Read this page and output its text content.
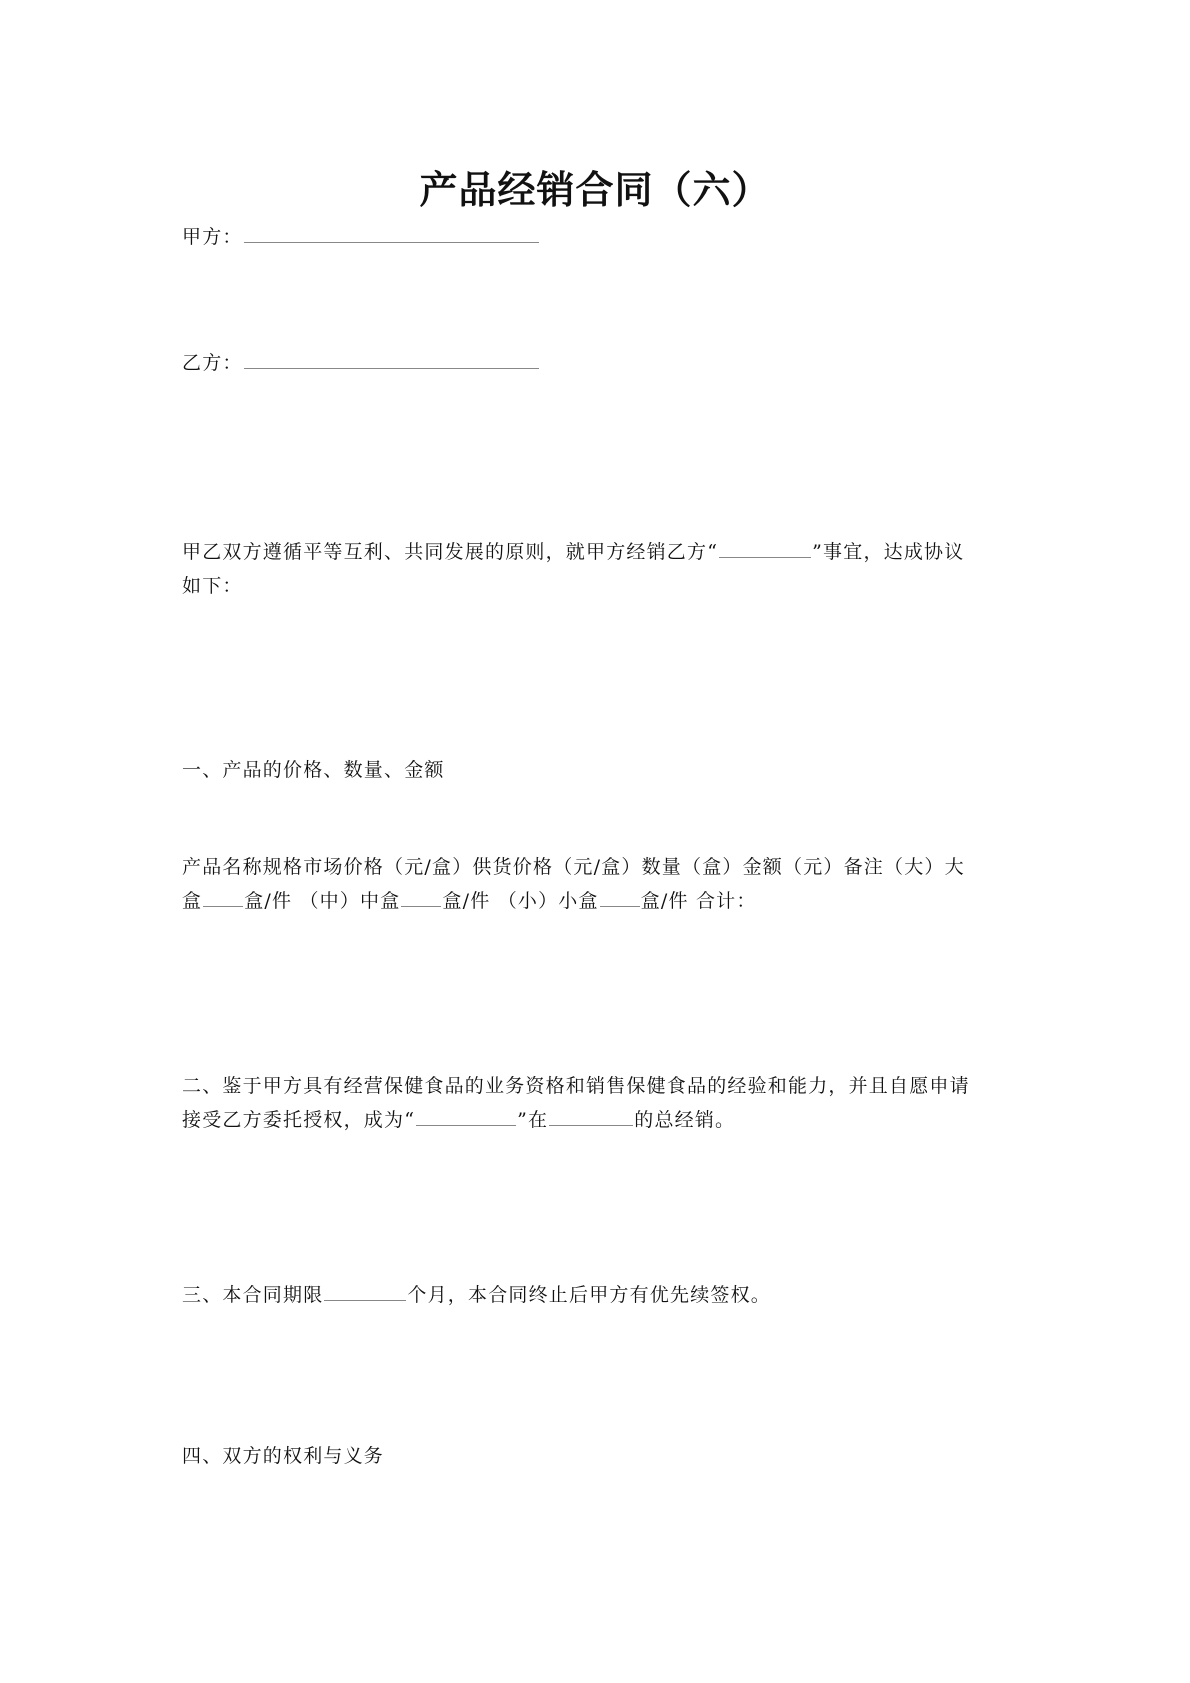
产品经销合同（六）
甲方：
乙方：
甲乙双方遵循平等互利、共同发展的原则，就甲方经销乙方“	”事宜，达成协议
如下：
一、产品的价格、数量、金额
产品名称规格市场价格（元/盒）供货价格（元/盒）数量（盒）金额（元）备注（大）大
盒 盒/件 （中）中盒 盒/件 （小）小盒 盒/件 合计：
二、鉴于甲方具有经营保健食品的业务资格和销售保健食品的经验和能力，并且自愿申请
接受乙方委托授权，成为“	”在	的总经销。
三、本合同期限	个月，本合同终止后甲方有优先续签权。
四、双方的权利与义务
